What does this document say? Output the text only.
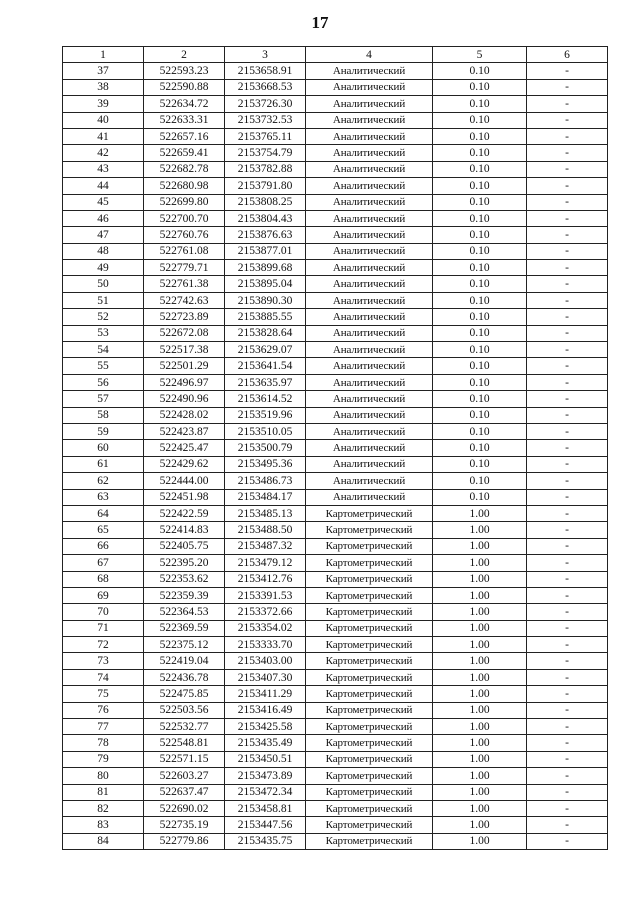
17
1	2	3	4	5	6
37	522593.23	2153658.91	Аналитический	0.10	-
38	522590.88	2153668.53	Аналитический	0.10	-
39	522634.72	2153726.30	Аналитический	0.10	-
40	522633.31	2153732.53	Аналитический	0.10	-
41	522657.16	2153765.11	Аналитический	0.10	-
42	522659.41	2153754.79	Аналитический	0.10	-
43	522682.78	2153782.88	Аналитический	0.10	-
44	522680.98	2153791.80	Аналитический	0.10	-
45	522699.80	2153808.25	Аналитический	0.10	-
46	522700.70	2153804.43	Аналитический	0.10	-
47	522760.76	2153876.63	Аналитический	0.10	-
48	522761.08	2153877.01	Аналитический	0.10	-
49	522779.71	2153899.68	Аналитический	0.10	-
50	522761.38	2153895.04	Аналитический	0.10	-
51	522742.63	2153890.30	Аналитический	0.10	-
52	522723.89	2153885.55	Аналитический	0.10	-
53	522672.08	2153828.64	Аналитический	0.10	-
54	522517.38	2153629.07	Аналитический	0.10	-
55	522501.29	2153641.54	Аналитический	0.10	-
56	522496.97	2153635.97	Аналитический	0.10	-
57	522490.96	2153614.52	Аналитический	0.10	-
58	522428.02	2153519.96	Аналитический	0.10	-
59	522423.87	2153510.05	Аналитический	0.10	-
60	522425.47	2153500.79	Аналитический	0.10	-
61	522429.62	2153495.36	Аналитический	0.10	-
62	522444.00	2153486.73	Аналитический	0.10	-
63	522451.98	2153484.17	Аналитический	0.10	-
64	522422.59	2153485.13	Картометрический	1.00	-
65	522414.83	2153488.50	Картометрический	1.00	-
66	522405.75	2153487.32	Картометрический	1.00	-
67	522395.20	2153479.12	Картометрический	1.00	-
68	522353.62	2153412.76	Картометрический	1.00	-
69	522359.39	2153391.53	Картометрический	1.00	-
70	522364.53	2153372.66	Картометрический	1.00	-
71	522369.59	2153354.02	Картометрический	1.00	-
72	522375.12	2153333.70	Картометрический	1.00	-
73	522419.04	2153403.00	Картометрический	1.00	-
74	522436.78	2153407.30	Картометрический	1.00	-
75	522475.85	2153411.29	Картометрический	1.00	-
76	522503.56	2153416.49	Картометрический	1.00	-
77	522532.77	2153425.58	Картометрический	1.00	-
78	522548.81	2153435.49	Картометрический	1.00	-
79	522571.15	2153450.51	Картометрический	1.00	-
80	522603.27	2153473.89	Картометрический	1.00	-
81	522637.47	2153472.34	Картометрический	1.00	-
82	522690.02	2153458.81	Картометрический	1.00	-
83	522735.19	2153447.56	Картометрический	1.00	-
84	522779.86	2153435.75	Картометрический	1.00	-
